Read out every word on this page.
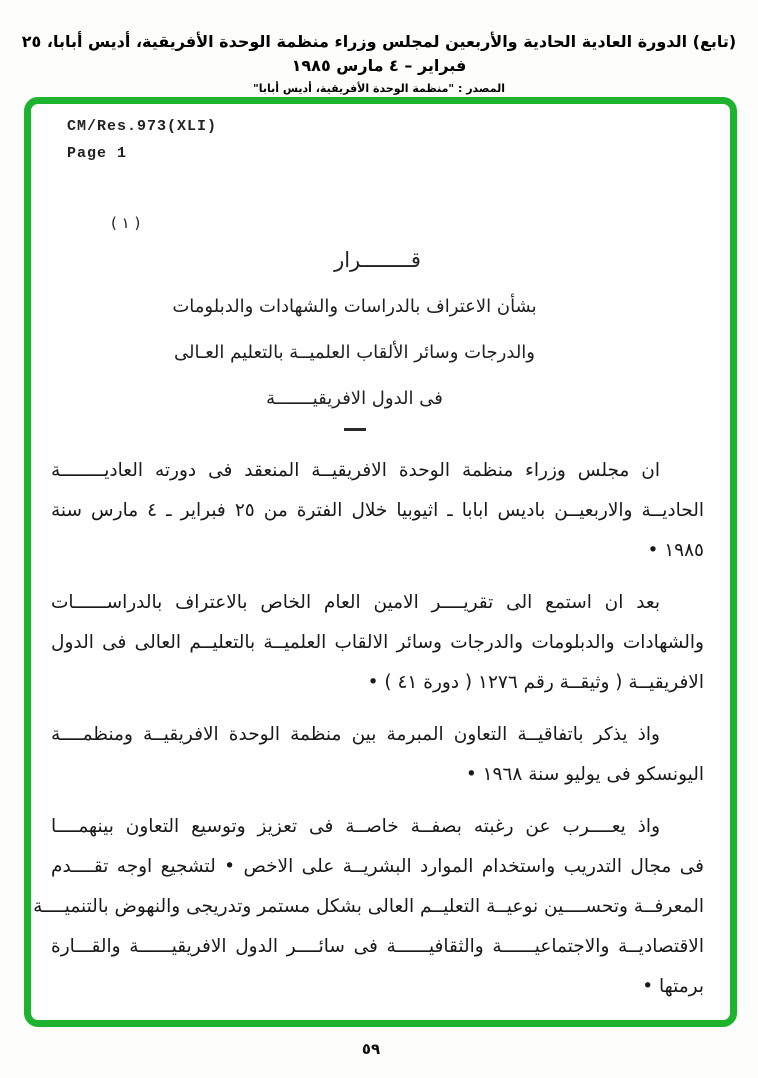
(تابع) الدورة العادية الحادية والأربعين لمجلس وزراء منظمة الوحدة الأفريقية، أديس أبابا، ٢٥ فبراير – ٤ مارس ١٩٨٥
المصدر : "منظمة الوحدة الأفريقية، أديس أبابا"
CM/Res.973(XLI)
Page 1
( ١ )
قــــــــرار
بشأن الاعتراف بالدراسات والشهادات والدبلومات
والدرجات وسائر الألقاب العلميــة بالتعليم العـالى
فى الدول الافريقيـــــــة
ان مجلس وزراء منظمة الوحدة الافريقيــة المنعقد فى دورته العاديــــــــة
الحاديــة والاربعيــن باديس ابابا ـ اثيوبيا خلال الفترة من ٢٥ فبراير ـ ٤ مارس سنة
١٩٨٥ •
بعد ان استمع الى تقريــــر الامين العام الخاص بالاعتراف بالدراســــــات
والشهادات والدبلومات والدرجات وسائر الالقاب العلميــة بالتعليــم العالى فى الدول
الافريقيــة ( وثيقــة رقم ١٢٧٦ ( دورة ٤١ ) •
واذ يذكر باتفاقيــة التعاون المبرمة بين منظمة الوحدة الافريقيــة ومنظمــــة
اليونسكو فى يوليو سنة ١٩٦٨ •
واذ يعــــرب عن رغبته بصفــة خاصــة فى تعزيز وتوسيع التعاون بينهمــــا
فى مجال التدريب واستخدام الموارد البشريــة على الاخص • لتشجيع اوجه تقــــدم
المعرفــة وتحســــين نوعيــة التعليــم العالى بشكل مستمر وتدريجى والنهوض بالتنميــــة
الاقتصاديــة والاجتماعيــــــة والثقافيــــــة فى سائــــر الدول الافريقيــــــة والقـــارة
برمتها •
٥٩
